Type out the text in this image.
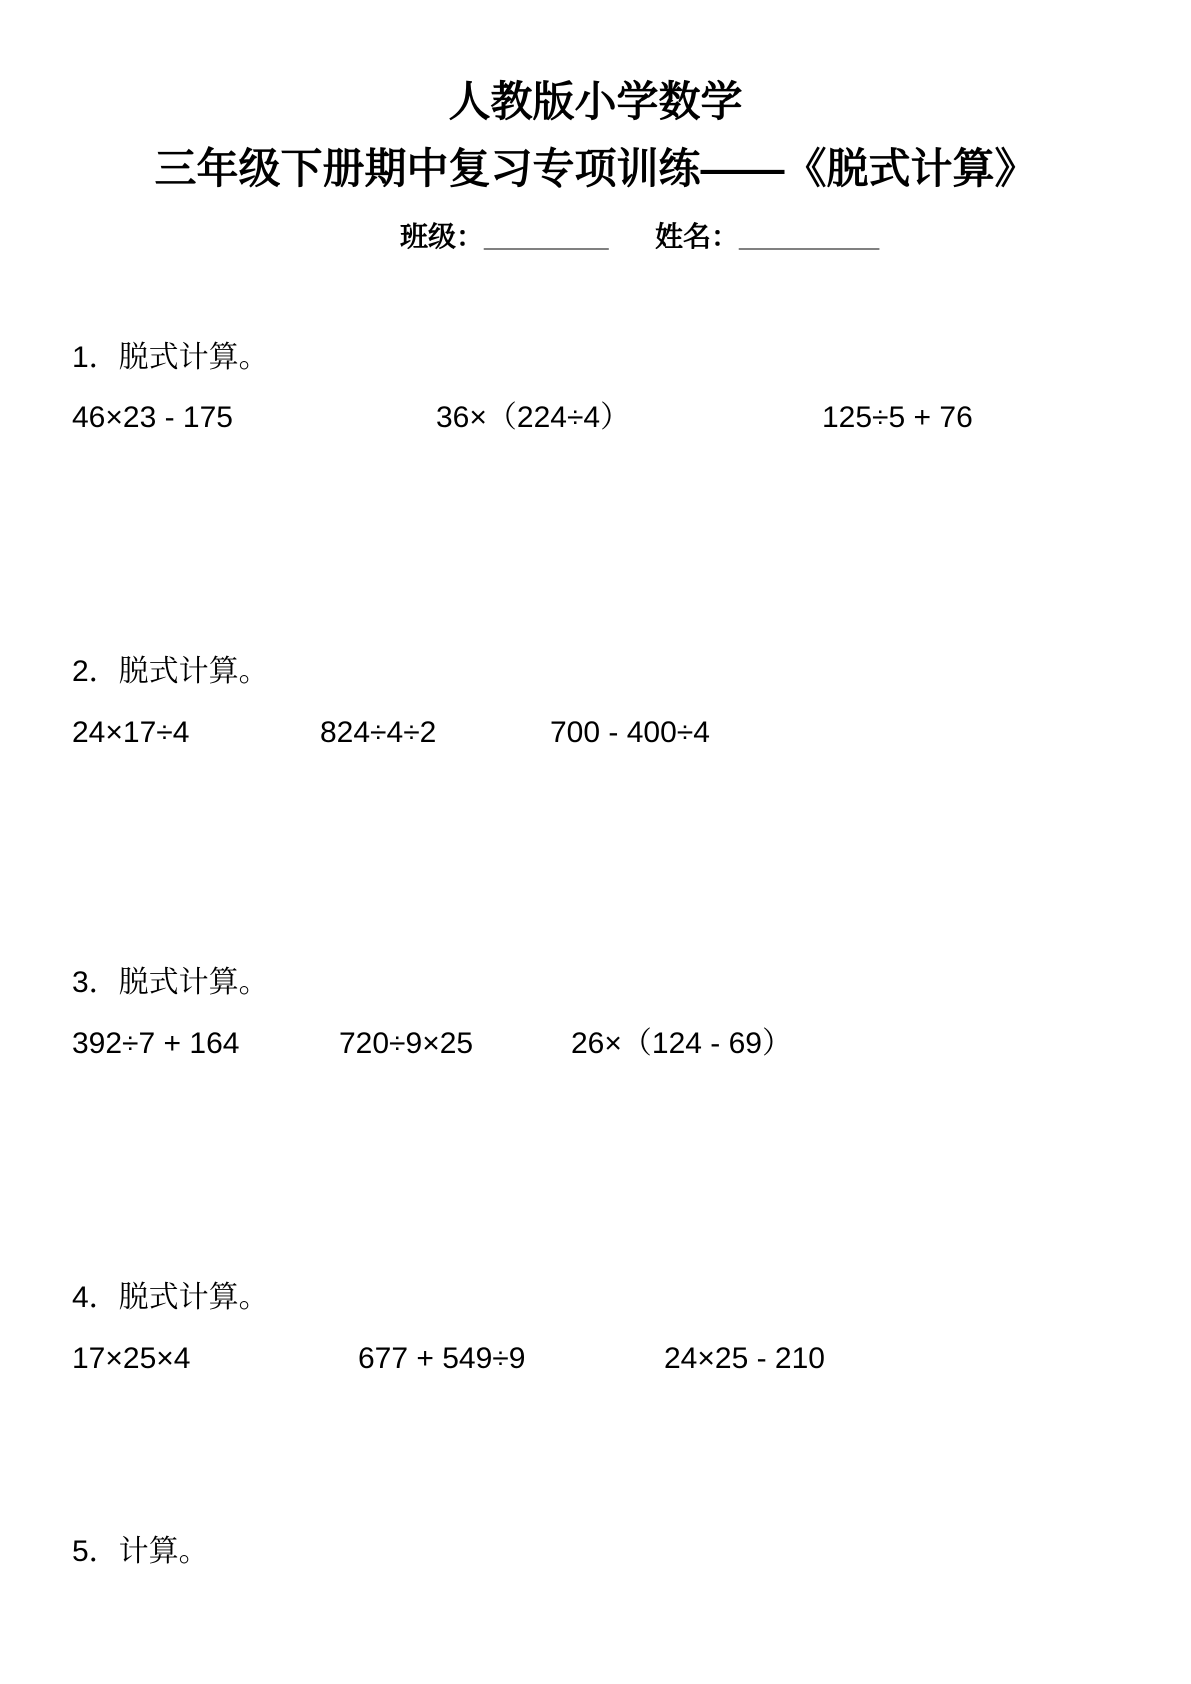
人教版小学数学
三年级下册期中复习专项训练——《脱式计算》
班级：________ 姓名：_________
1．脱式计算。
46×23 - 175	36×（224÷4）	125÷5 + 76
2．脱式计算。
24×17÷4	824÷4÷2	700 - 400÷4
3．脱式计算。
392÷7 + 164	720÷9×25	26×（124 - 69）
4．脱式计算。
17×25×4	677 + 549÷9	24×25 - 210
5．计算。
